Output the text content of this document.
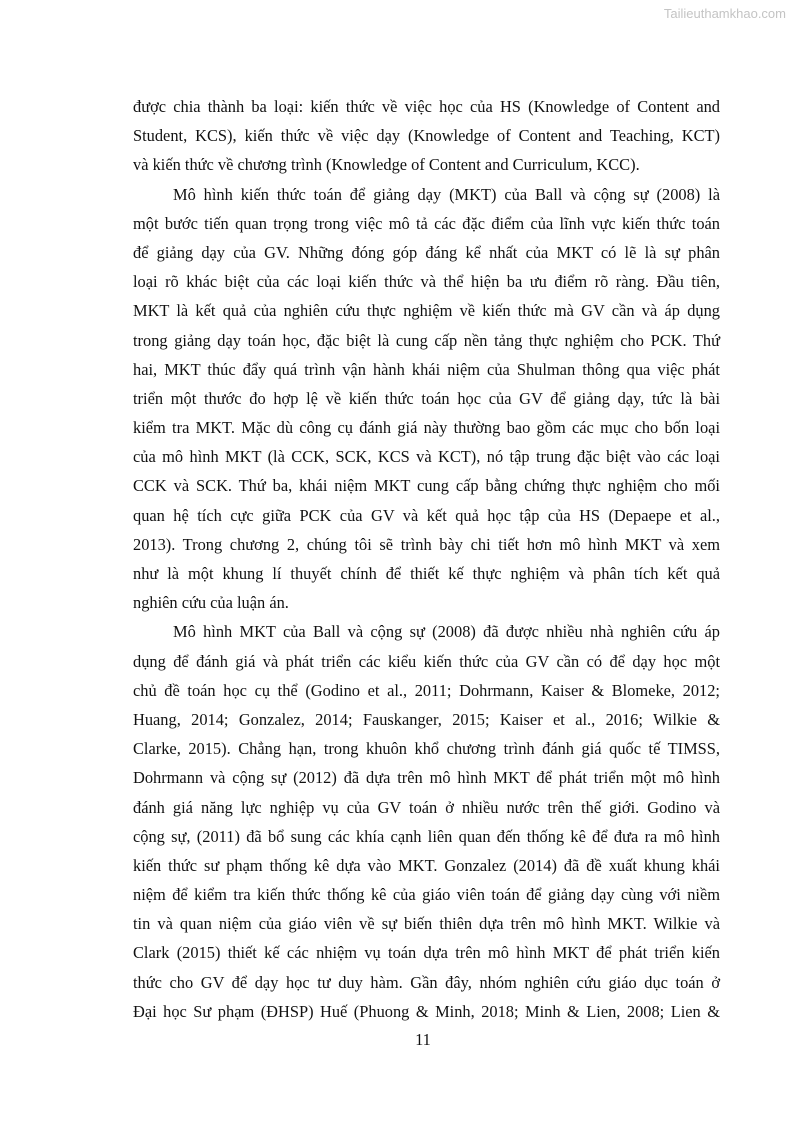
Tailieuthamkhao.com
được chia thành ba loại: kiến thức về việc học của HS (Knowledge of Content and
Student, KCS), kiến thức về việc dạy (Knowledge of Content and Teaching, KCT)
và kiến thức về chương trình (Knowledge of Content and Curriculum, KCC).
Mô hình kiến thức toán để giảng dạy (MKT) của Ball và cộng sự (2008) là
một bước tiến quan trọng trong việc mô tả các đặc điểm của lĩnh vực kiến thức toán
để giảng dạy của GV. Những đóng góp đáng kể nhất của MKT có lẽ là sự phân
loại rõ khác biệt của các loại kiến thức và thể hiện ba ưu điểm rõ ràng. Đầu tiên,
MKT là kết quả của nghiên cứu thực nghiệm về kiến thức mà GV cần và áp dụng
trong giảng dạy toán học, đặc biệt là cung cấp nền tảng thực nghiệm cho PCK. Thứ
hai, MKT thúc đẩy quá trình vận hành khái niệm của Shulman thông qua việc phát
triển một thước đo hợp lệ về kiến thức toán học của GV để giảng dạy, tức là bài
kiểm tra MKT. Mặc dù công cụ đánh giá này thường bao gồm các mục cho bốn loại
của mô hình MKT (là CCK, SCK, KCS và KCT), nó tập trung đặc biệt vào các loại
CCK và SCK. Thứ ba, khái niệm MKT cung cấp bằng chứng thực nghiệm cho mối
quan hệ tích cực giữa PCK của GV và kết quả học tập của HS (Depaepe et al.,
2013). Trong chương 2, chúng tôi sẽ trình bày chi tiết hơn mô hình MKT và xem
như là một khung lí thuyết chính để thiết kế thực nghiệm và phân tích kết quả
nghiên cứu của luận án.
Mô hình MKT của Ball và cộng sự (2008) đã được nhiều nhà nghiên cứu áp
dụng để đánh giá và phát triển các kiểu kiến thức của GV cần có để dạy học một
chủ đề toán học cụ thể (Godino et al., 2011; Dohrmann, Kaiser & Blomeke, 2012;
Huang, 2014; Gonzalez, 2014; Fauskanger, 2015; Kaiser et al., 2016; Wilkie &
Clarke, 2015). Chẳng hạn, trong khuôn khổ chương trình đánh giá quốc tế TIMSS,
Dohrmann và cộng sự (2012) đã dựa trên mô hình MKT để phát triển một mô hình
đánh giá năng lực nghiệp vụ của GV toán ở nhiều nước trên thế giới. Godino và
cộng sự, (2011) đã bổ sung các khía cạnh liên quan đến thống kê để đưa ra mô hình
kiến thức sư phạm thống kê dựa vào MKT. Gonzalez (2014) đã đề xuất khung khái
niệm để kiểm tra kiến thức thống kê của giáo viên toán để giảng dạy cùng với niềm
tin và quan niệm của giáo viên về sự biến thiên dựa trên mô hình MKT. Wilkie và
Clark (2015) thiết kế các nhiệm vụ toán dựa trên mô hình MKT để phát triển kiến
thức cho GV để dạy học tư duy hàm. Gần đây, nhóm nghiên cứu giáo dục toán ở
Đại học Sư phạm (ĐHSP) Huế (Phuong & Minh, 2018; Minh & Lien, 2008; Lien &
11
